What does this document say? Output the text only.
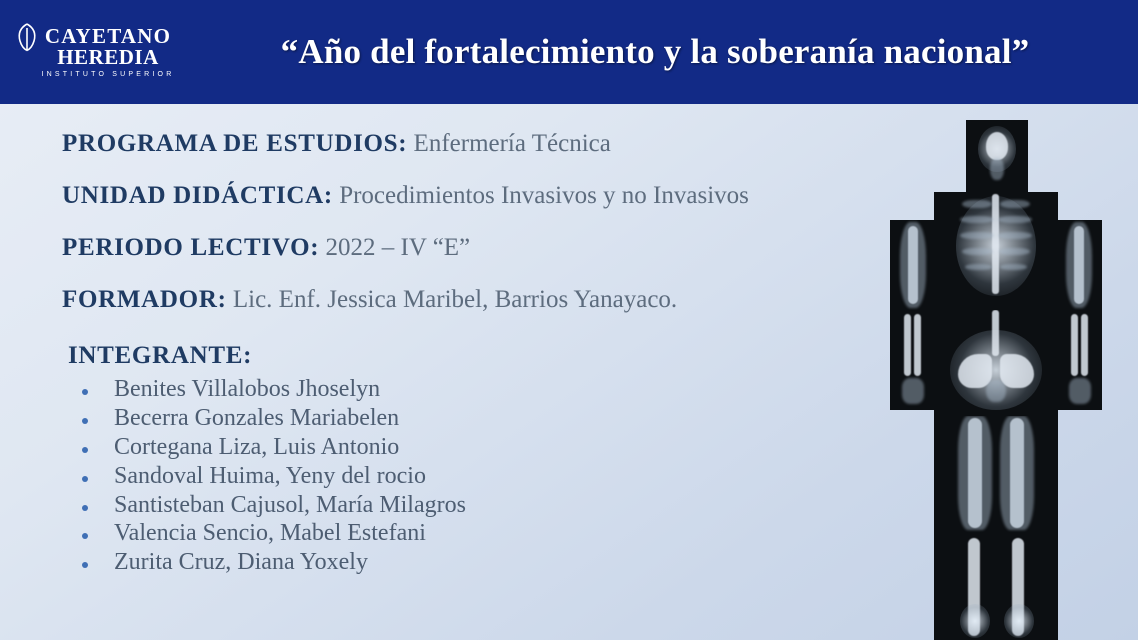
CAYETANO
HEREDIA
INSTITUTO SUPERIOR
“Año del fortalecimiento y la soberanía nacional”
PROGRAMA DE ESTUDIOS: Enfermería Técnica
UNIDAD DIDÁCTICA: Procedimientos Invasivos y no Invasivos
PERIODO LECTIVO: 2022 – IV “E”
FORMADOR: Lic. Enf. Jessica Maribel, Barrios Yanayaco.
INTEGRANTE:
Benites Villalobos Jhoselyn
Becerra Gonzales Mariabelen
Cortegana Liza, Luis Antonio
Sandoval Huima, Yeny del rocio
Santisteban Cajusol, María Milagros
Valencia Sencio, Mabel Estefani
Zurita Cruz, Diana Yoxely
